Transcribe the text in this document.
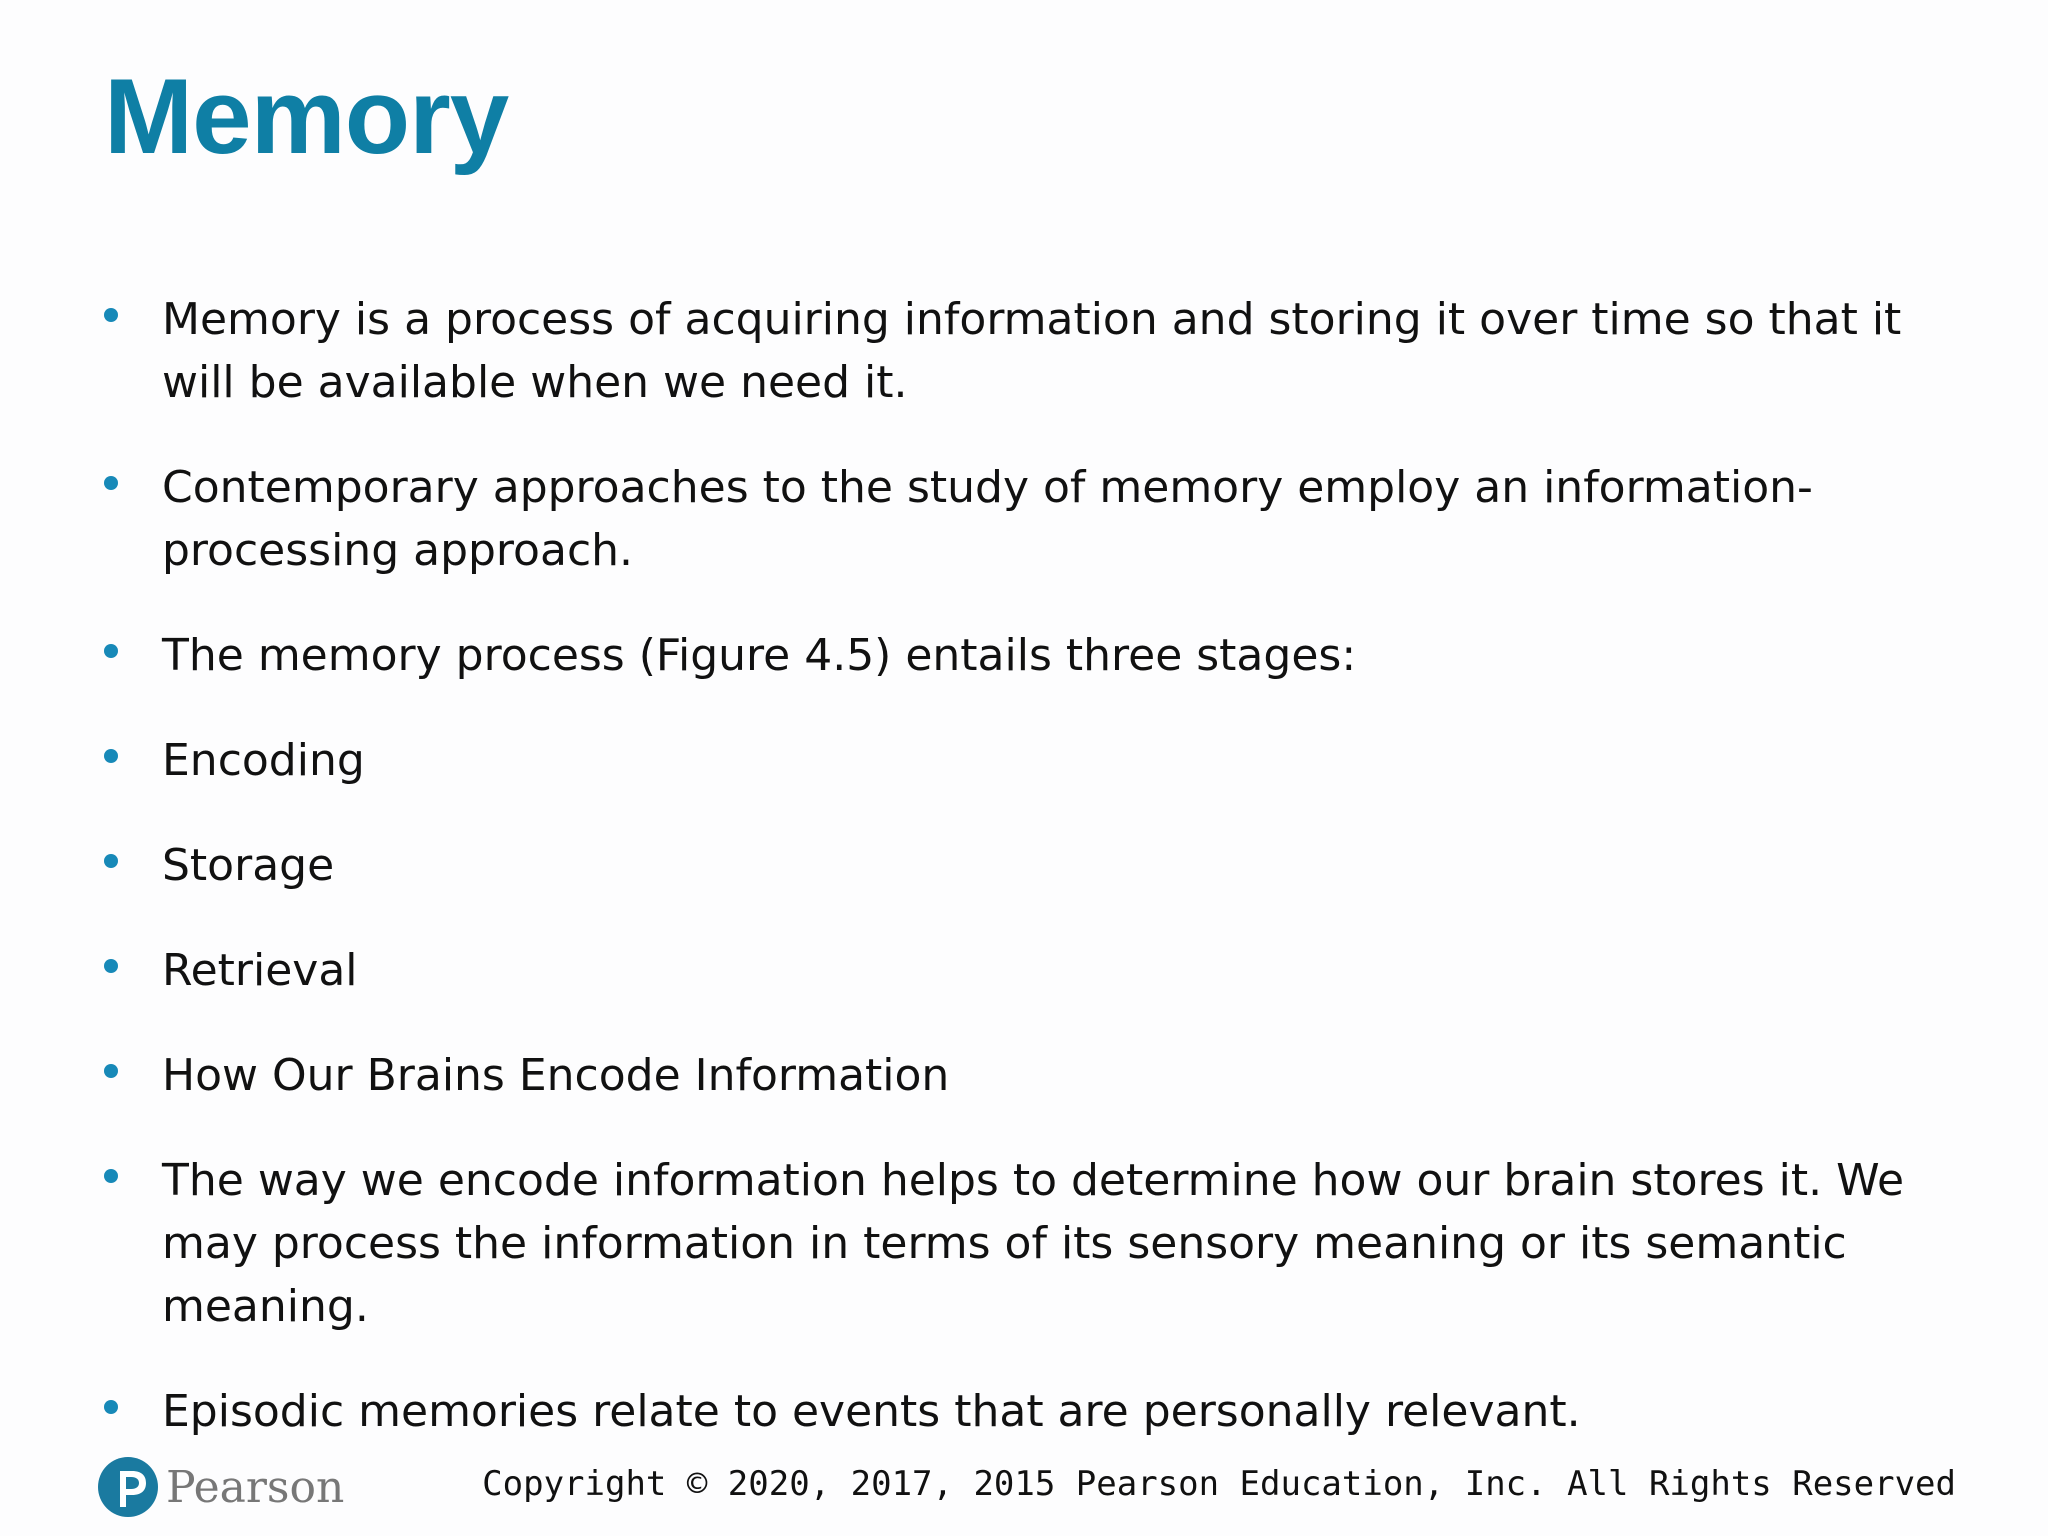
Memory
Memory is a process of acquiring information and storing it over time so that it will be available when we need it.
Contemporary approaches to the study of memory employ an information-processing approach.
The memory process (Figure 4.5) entails three stages:
Encoding
Storage
Retrieval
How Our Brains Encode Information
The way we encode information helps to determine how our brain stores it. We may process the information in terms of its sensory meaning or its semantic meaning.
Episodic memories relate to events that are personally relevant.
Pearson	Copyright © 2020, 2017, 2015 Pearson Education, Inc. All Rights Reserved
